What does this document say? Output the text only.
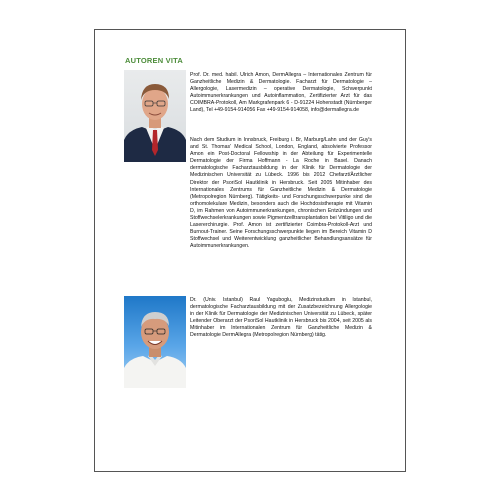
AUTOREN VITA

Prof. Dr. med. habil. Ulrich Amon, DermAllegra – Internationales Zentrum für Ganzheitliche Medizin & Dermatologie. Facharzt für Dermatologie – Allergologie, Lasermedizin – operative Dermatologie, Schwerpunkt Autoimmunerkrankungen und Autoinflammation, Zertifizierter Arzt für das COIMBRA-Protokoll, Am Markgrafenpark 6 - D-91224 Hohenstadt (Nürnberger Land), Tel +49-9154-914056 Fax +49-9154-914058, info@dermallegra.de

Nach dem Studium in Innsbruck, Freiburg i. Br, Marburg/Lahn und der Guy's and St. Thomas' Medical School, London, England, absolvierte Professor Amon ein Post-Doctoral Fellowship in der Abteilung für Experimentelle Dermatologie der Firma Hoffmann - La Roche in Basel. Danach dermatologische Facharztausbildung in der Klinik für Dermatologie der Medizinischen Universität zu Lübeck. 1996 bis 2012 Chefarzt/Ärztlicher Direktor der PsoriSol Hautklinik in Hersbruck. Seit 2005 Mitinhaber des Internationales Zentrums für Ganzheitliche Medizin & Dermatologie (Metropolregion Nürnberg). Tätigkeits- und Forschungsschwerpunke sind die orthomolekulare Medizin, besonders auch die Hochdosistherapie mit Vitamin D, im Rahmen von Autoimmunerkrankungen, chronischen Entzündungen und Stoffwechselerkrankungen sowie Pigmentzelltransplantation bei Vitiligo und die Lasererchirurgie. Prof. Amon ist zertifizierter Coimbra-Protokoll-Arzt und Burnout-Trainer. Seine Forschungsschwerpunkte liegen im Bereich Vitamin D Stoffwechsel und Weiterentwicklung ganzheitlicher Behandlungsansätze für Autoimmunerkrankungen.

Dr. (Univ. Istanbul) Raul Yaguboglu, Medizinstudium in Istanbul, dermatologische Facharztausbildung mit der Zusatzbezeichnung Allergologie in der Klinik für Dermatologie der Medizinischen Universität zu Lübeck, später Leitender Oberarzt der PsoriSol Hautklinik in Hersbruck bis 2004, seit 2005 als Mitinhaber im Internationalen Zentrum für Ganzheitliche Medizin & Dermatologie DermAllegra (Metropolregion Nürnberg) tätig.
